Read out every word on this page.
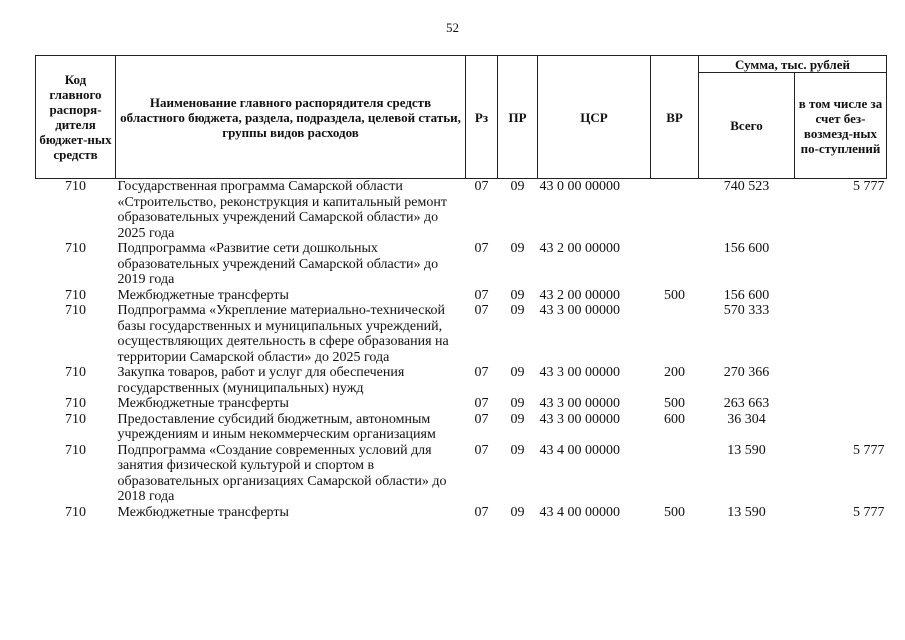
52
Код главного распоря-дителя бюджет-ных средств	Наименование главного распорядителя средств областного бюджета, раздела, подраздела, целевой статьи, группы видов расходов	Рз	ПР	ЦСР	ВР	Сумма, тыс. рублей	
						Всего	в том числе за счет без-возмезд-ных по-ступлений
710	Государственная программа Самарской области «Строительство, реконструкция и капитальный ремонт образовательных учреждений Самарской области» до 2025 года	07	09	43 0 00 00000		740 523	5 777
710	Подпрограмма «Развитие сети дошкольных образовательных учреждений Самарской области» до 2019 года	07	09	43 2 00 00000		156 600	
710	Межбюджетные трансферты	07	09	43 2 00 00000	500	156 600	
710	Подпрограмма «Укрепление материально-технической базы государственных и муниципальных учреждений, осуществляющих деятельность в сфере образования на территории Самарской области» до 2025 года	07	09	43 3 00 00000		570 333	
710	Закупка товаров, работ и услуг для обеспечения государственных (муниципальных) нужд	07	09	43 3 00 00000	200	270 366	
710	Межбюджетные трансферты	07	09	43 3 00 00000	500	263 663	
710	Предоставление субсидий бюджетным, автономным учреждениям и иным некоммерческим организациям	07	09	43 3 00 00000	600	36 304	
710	Подпрограмма «Создание современных условий для занятия физической культурой и спортом в образовательных организациях Самарской области» до 2018 года	07	09	43 4 00 00000		13 590	5 777
710	Межбюджетные трансферты	07	09	43 4 00 00000	500	13 590	5 777
